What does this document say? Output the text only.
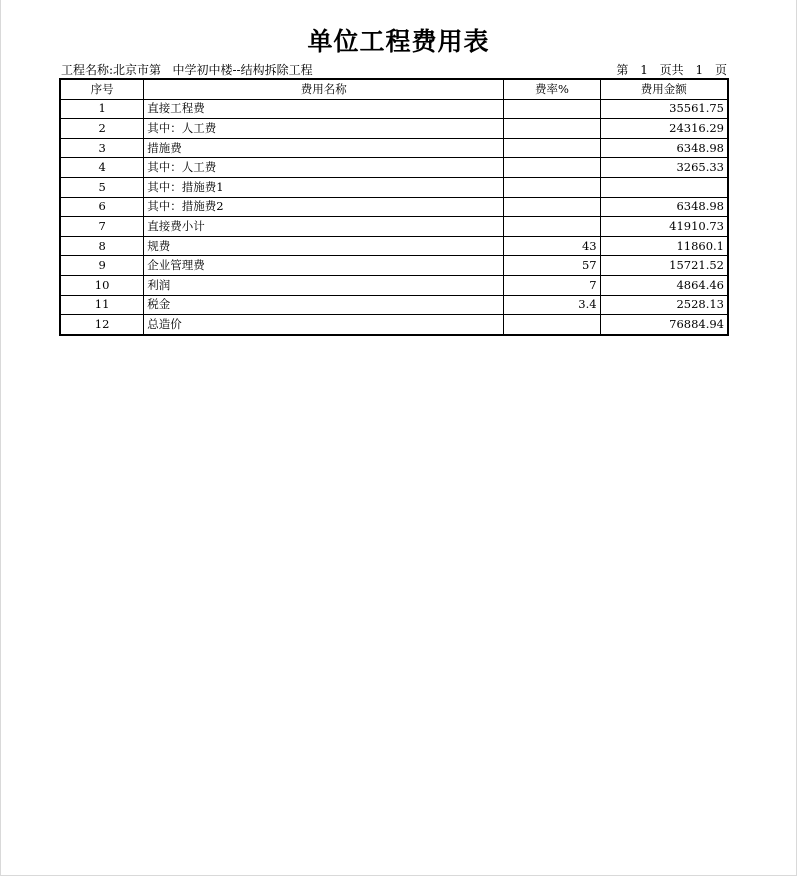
单位工程费用表
工程名称:北京市第   中学初中楼--结构拆除工程	第 1 页共 1 页
序号	费用名称	费率%	费用金额
1	直接工程费		35561.75
2	其中：人工费		24316.29
3	措施费		6348.98
4	其中：人工费		3265.33
5	其中：措施费1		
6	其中：措施费2		6348.98
7	直接费小计		41910.73
8	规费	43	11860.1
9	企业管理费	57	15721.52
10	利润	7	4864.46
11	税金	3.4	2528.13
12	总造价		76884.94
